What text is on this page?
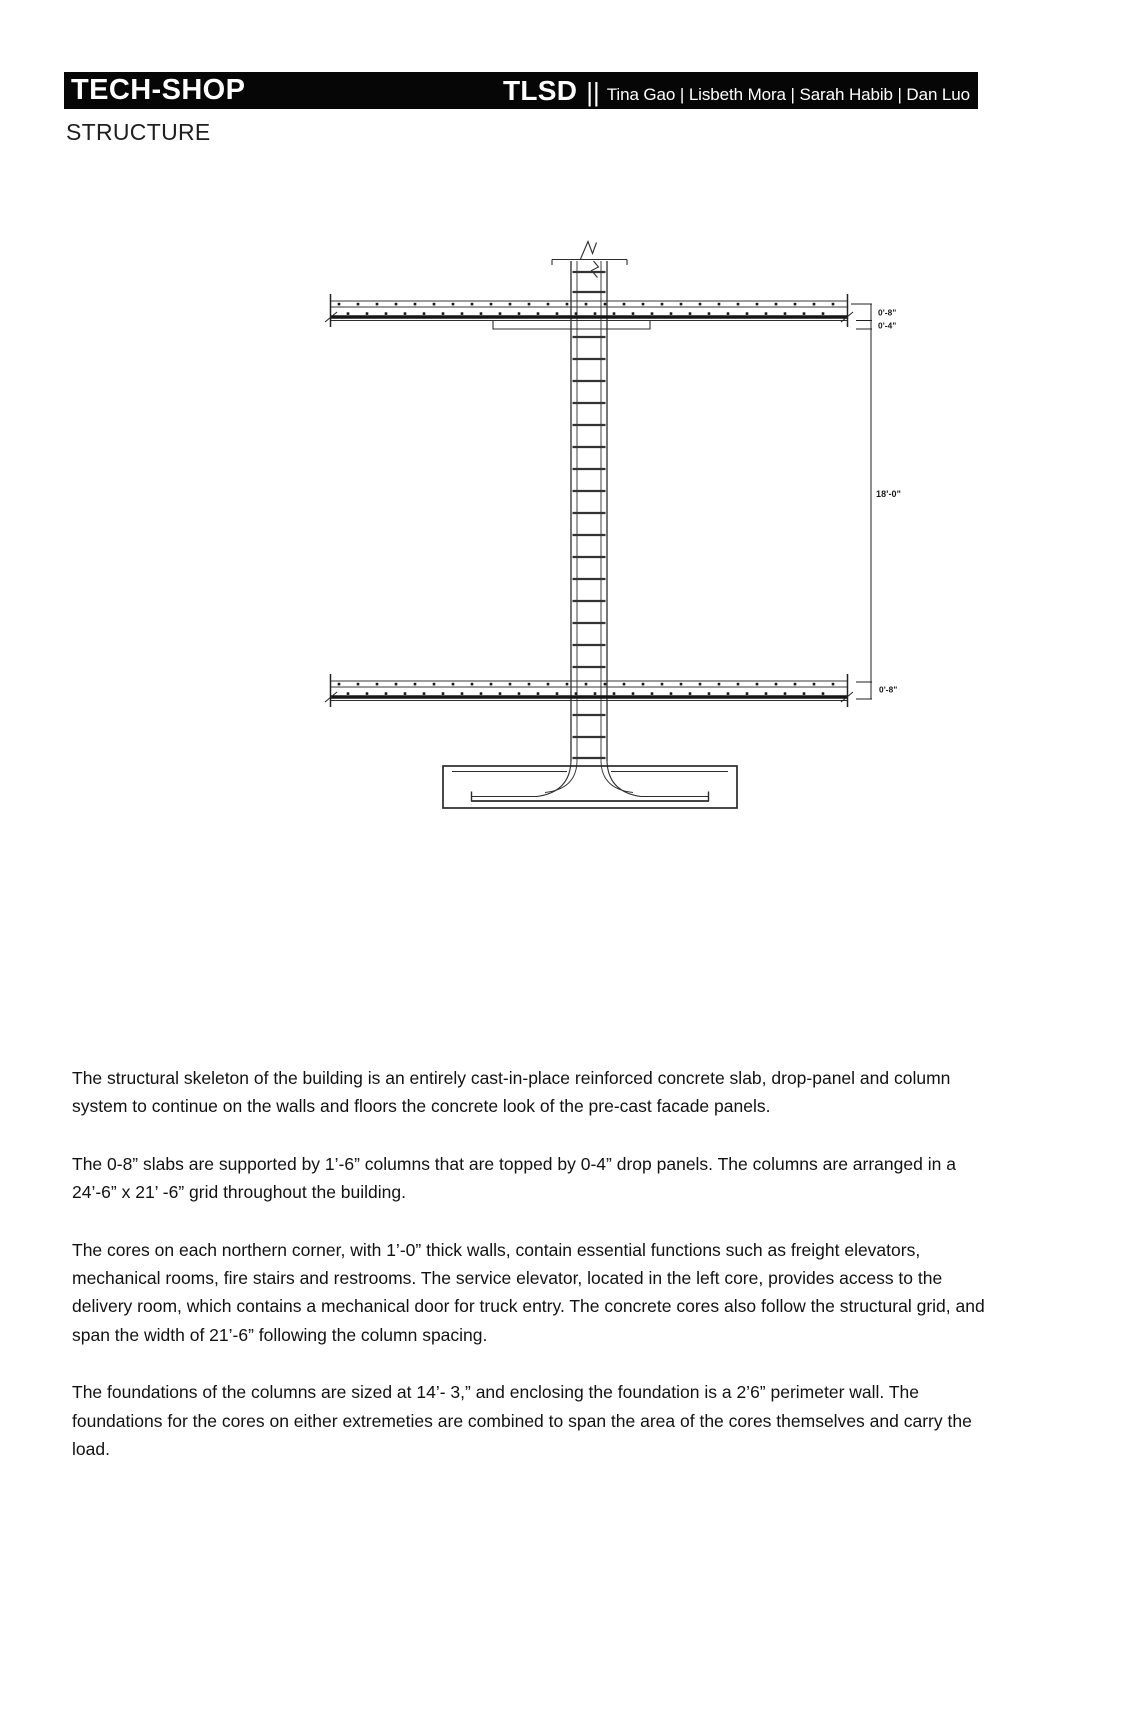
TECH-SHOP	TLSD || Tina Gao | Lisbeth Mora | Sarah Habib | Dan Luo
STRUCTURE
0'-8"
0'-4"
18'-0"
0'-8"

The structural skeleton of the building is an entirely cast-in-place reinforced concrete slab, drop-panel and column system to continue on the walls and floors the concrete look of the pre-cast facade panels.

The 0-8” slabs are supported by 1’-6” columns that are topped by 0-4” drop panels. The columns are arranged in a 24’-6” x 21’ -6” grid throughout the building.

The cores on each northern corner, with 1’-0” thick walls, contain essential functions such as freight elevators, mechanical rooms, fire stairs and restrooms. The service elevator, located in the left core, provides access to the delivery room, which contains a mechanical door for truck entry. The concrete cores also follow the structural grid, and span the width of 21’-6” following the column spacing.

The foundations of the columns are sized at 14’- 3,” and enclosing the foundation is a 2’6” perimeter wall. The foundations for the cores on either extremeties are combined to span the area of the cores themselves and carry the load.
